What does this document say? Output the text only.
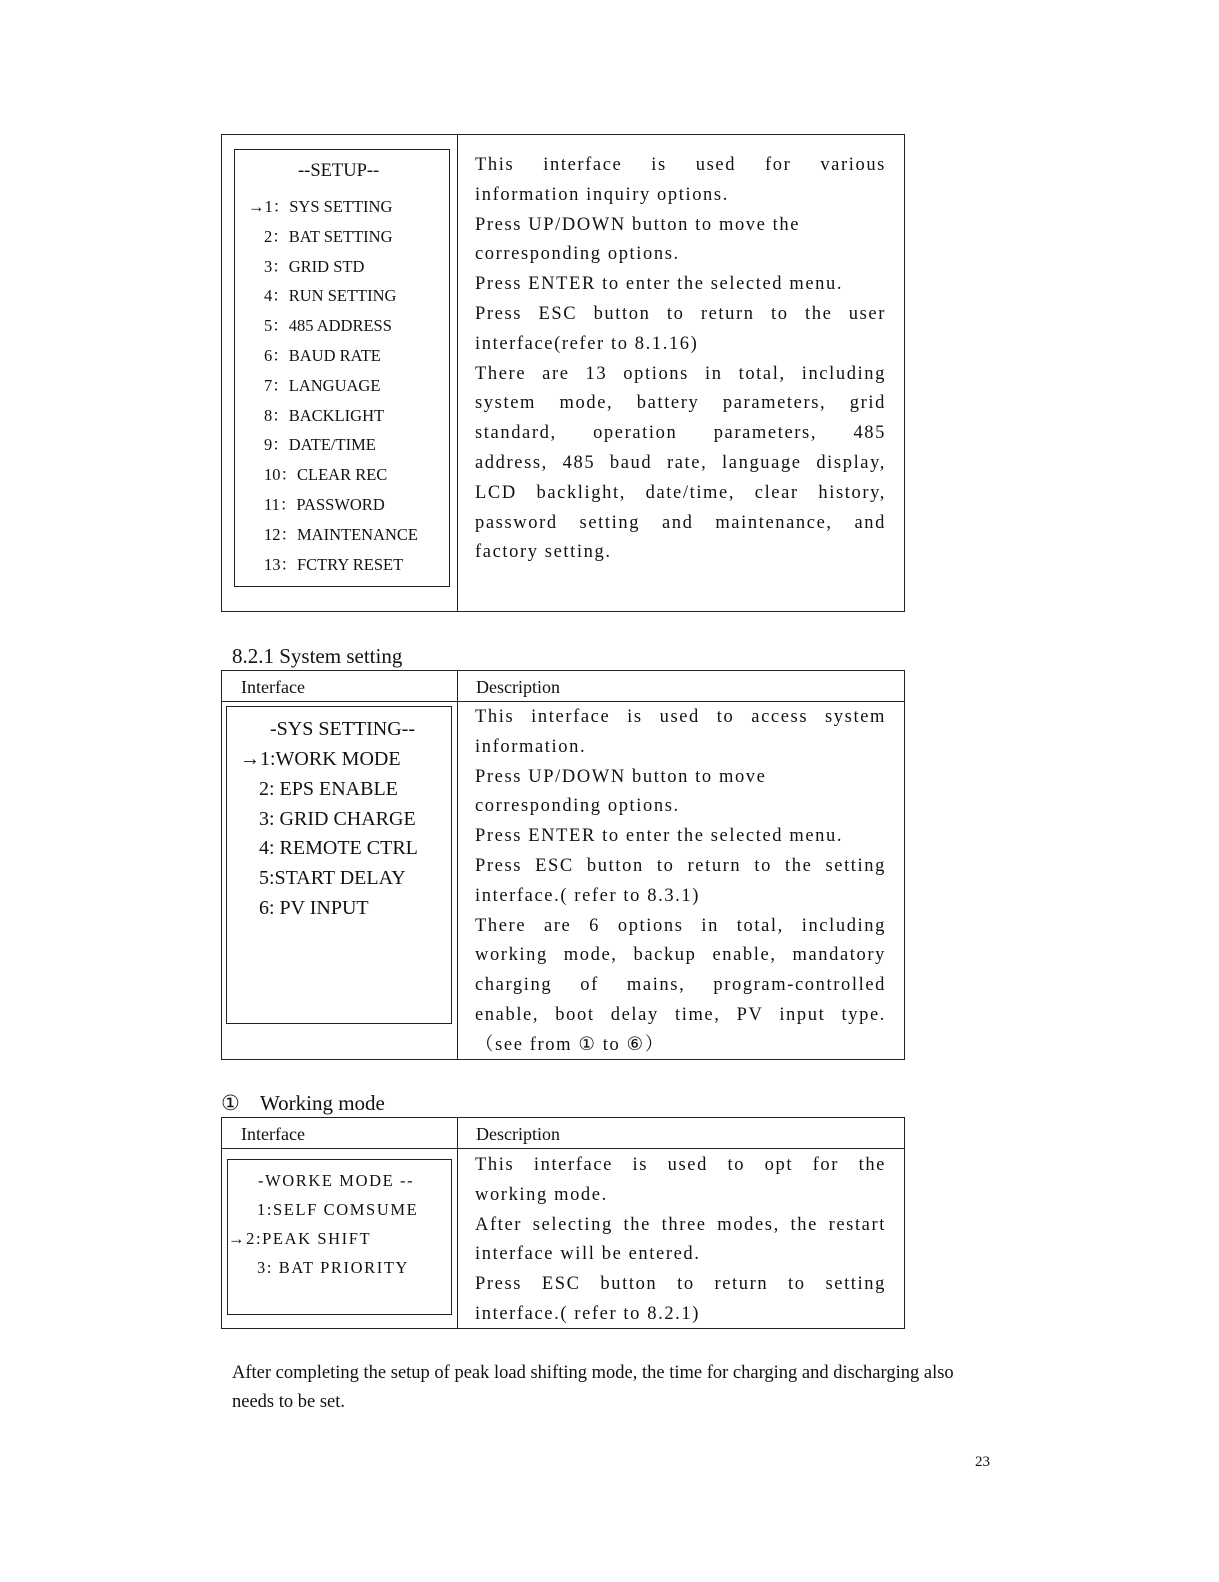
--SETUP--
→1：SYS SETTING
2：BAT SETTING
3：GRID STD
4：RUN SETTING
5：485 ADDRESS
6：BAUD RATE
7：LANGUAGE
8：BACKLIGHT
9：DATE/TIME
10：CLEAR REC
11：PASSWORD
12：MAINTENANCE
13：FCTRY RESET
This interface is used for various
information inquiry options.
Press UP/DOWN button to move the
corresponding options.
Press ENTER to enter the selected menu.
Press ESC button to return to the user
interface(refer to 8.1.16)
There are 13 options in total, including
system mode, battery parameters, grid
standard, operation parameters, 485
address, 485 baud rate, language display,
LCD backlight, date/time, clear history,
password setting and maintenance, and
factory setting.
8.2.1 System setting
Interface	Description
-SYS SETTING--
→1:WORK MODE
2: EPS ENABLE
3: GRID CHARGE
4: REMOTE CTRL
5:START DELAY
6: PV INPUT
This interface is used to access system
information.
Press UP/DOWN button to move
corresponding options.
Press ENTER to enter the selected menu.
Press ESC button to return to the setting
interface.( refer to 8.3.1)
There are 6 options in total, including
working mode, backup enable, mandatory
charging of mains, program-controlled
enable, boot delay time, PV input type.
（see from ① to ⑥）
① Working mode
Interface	Description
-WORKE MODE --
1:SELF COMSUME
→2:PEAK SHIFT
3: BAT PRIORITY
This interface is used to opt for the
working mode.
After selecting the three modes, the restart
interface will be entered.
Press ESC button to return to setting
interface.( refer to 8.2.1)
After completing the setup of peak load shifting mode, the time for charging and discharging also needs to be set.
23
